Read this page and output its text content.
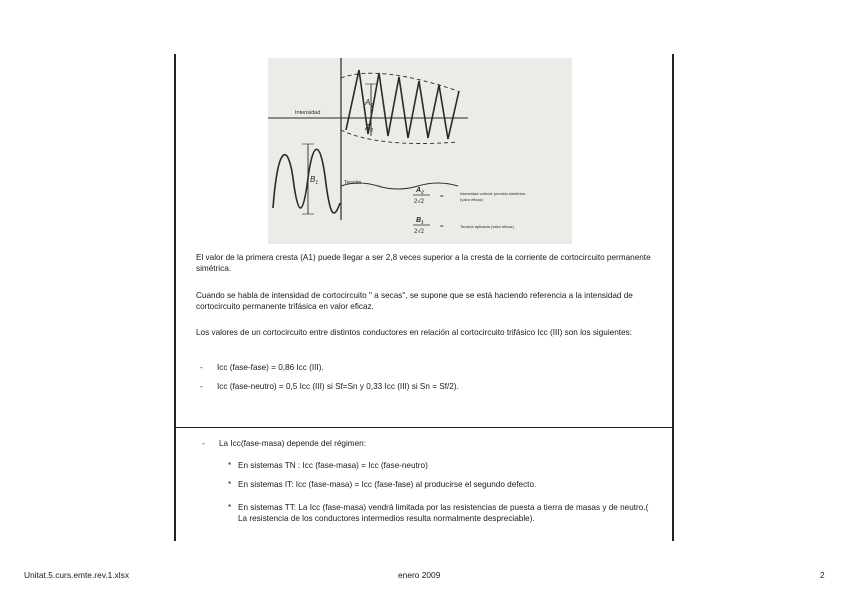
Intensidad
Tensión
$A_1$
$A_2$
$B_1$
$A_2$
2√2
=
Intensidad cortocir previsto simétrica
(valor eficaz)
$B_1$
2√2
=	Tensión aplicada (valor eficaz)

El valor de la primera cresta (A1) puede llegar a ser 2,8 veces superior a la cresta de la corriente de cortocircuito permanente simétrica.

Cuando se habla de intensidad de cortocircuito " a secas", se supone que se está haciendo referencia a la intensidad de cortocircuito permanente trifásica en valor eficaz.

Los valores de un cortocircuito entre distintos conductores en relación al cortocircuito trifásico Icc (III) son los siguientes:

- Icc (fase-fase) = 0,86 Icc (III).
- Icc (fase-neutro) = 0,5 Icc (III) si Sf=Sn y 0,33 Icc (III) si Sn = Sf/2).
- La Icc(fase-masa) depende del régimen:
* En sistemas TN : Icc (fase-masa) = Icc (fase-neutro)
* En sistemas IT: Icc (fase-masa) = Icc (fase-fase) al producirse el segundo defecto.
* En sistemas TT: La Icc (fase-masa) vendrá limitada por las resistencias de puesta a tierra de masas y de neutro.( La resistencia de los conductores intermedios resulta normalmente despreciable).
Unitat.5.curs.emte.rev.1.xlsx	enero 2009	2
